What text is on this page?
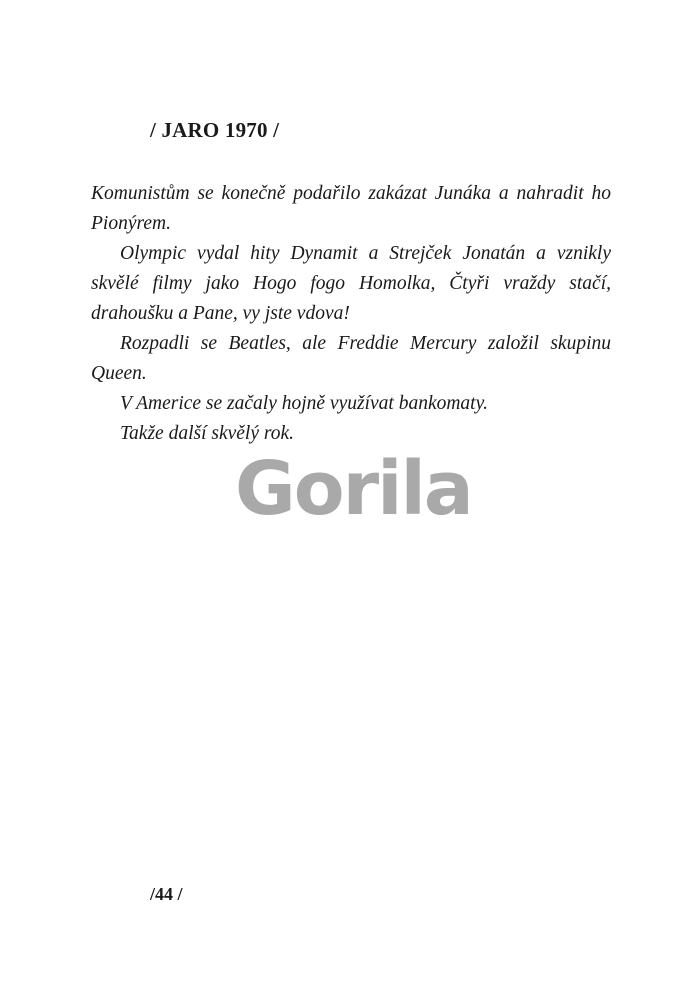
/ JARO 1970 /

Komunistům se konečně podařilo zakázat Junáka a nahradit ho Pionýrem.

Olympic vydal hity Dynamit a Strejček Jonatán a vznikly skvělé filmy jako Hogo fogo Homolka, Čtyři vraždy stačí, drahoušku a Pane, vy jste vdova!

Rozpadli se Beatles, ale Freddie Mercury založil skupinu Queen.

V Americe se začaly hojně využívat bankomaty.

Takže další skvělý rok.

Gorila
/44 /
